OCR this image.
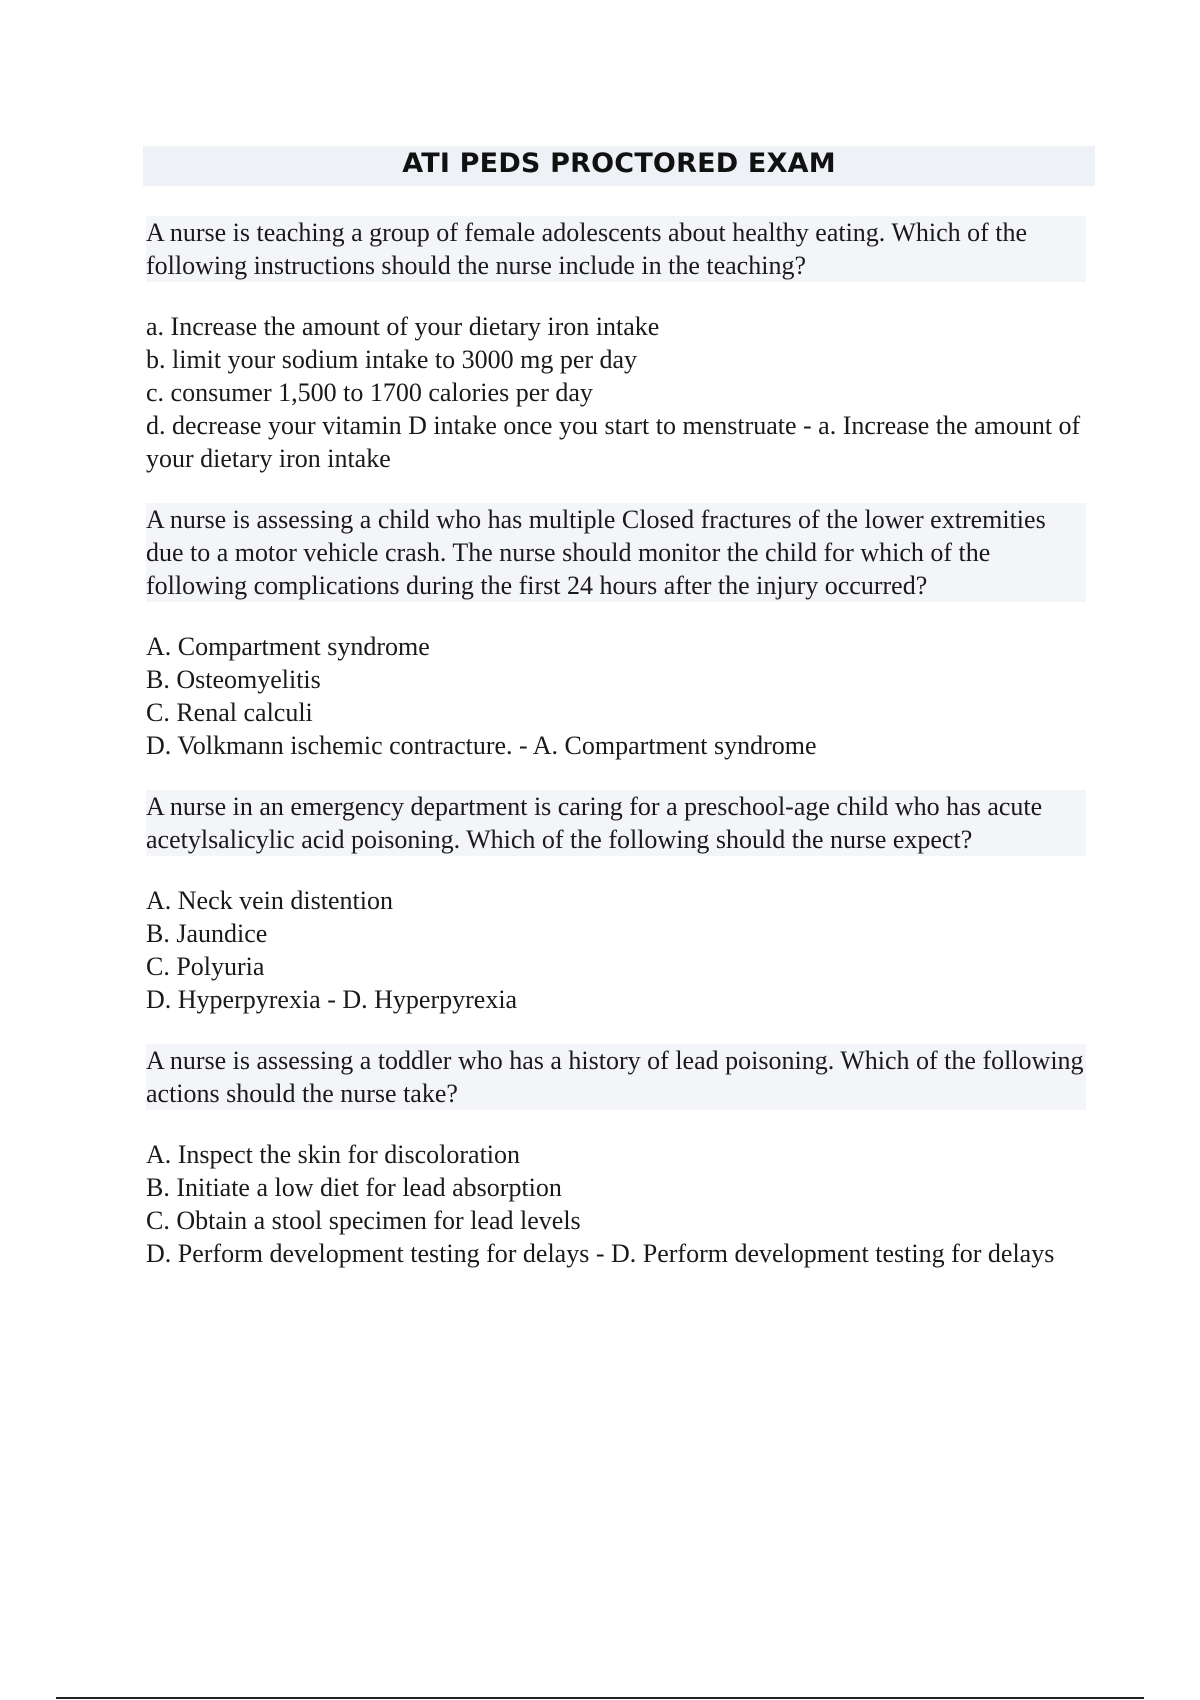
ATI PEDS PROCTORED EXAM
A nurse is teaching a group of female adolescents about healthy eating. Which of the following instructions should the nurse include in the teaching?
a. Increase the amount of your dietary iron intake
b. limit your sodium intake to 3000 mg per day
c. consumer 1,500 to 1700 calories per day
d. decrease your vitamin D intake once you start to menstruate - a. Increase the amount of your dietary iron intake
A nurse is assessing a child who has multiple Closed fractures of the lower extremities due to a motor vehicle crash. The nurse should monitor the child for which of the following complications during the first 24 hours after the injury occurred?
A. Compartment syndrome
B. Osteomyelitis
C. Renal calculi
D. Volkmann ischemic contracture. - A. Compartment syndrome
A nurse in an emergency department is caring for a preschool-age child who has acute acetylsalicylic acid poisoning. Which of the following should the nurse expect?
A. Neck vein distention
B. Jaundice
C. Polyuria
D. Hyperpyrexia - D. Hyperpyrexia
A nurse is assessing a toddler who has a history of lead poisoning. Which of the following actions should the nurse take?
A. Inspect the skin for discoloration
B. Initiate a low diet for lead absorption
C. Obtain a stool specimen for lead levels
D. Perform development testing for delays - D. Perform development testing for delays
